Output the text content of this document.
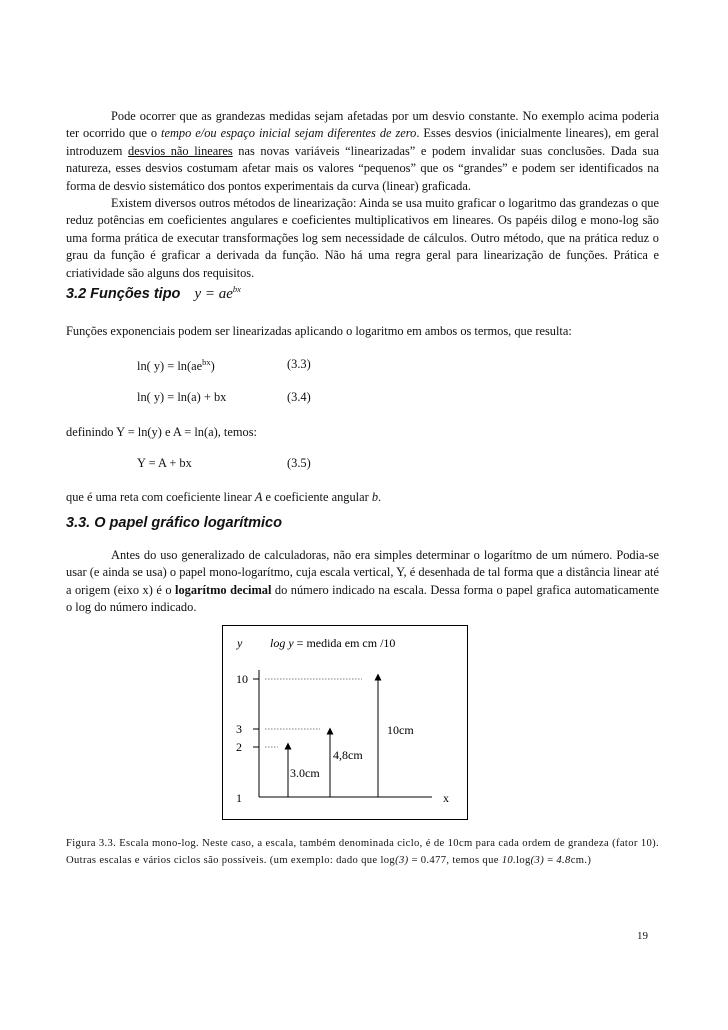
Pode ocorrer que as grandezas medidas sejam afetadas por um desvio constante. No exemplo acima poderia ter ocorrido que o tempo e/ou espaço inicial sejam diferentes de zero. Esses desvios (inicialmente lineares), em geral introduzem desvios não lineares nas novas variáveis “linearizadas” e podem invalidar suas conclusões. Dada sua natureza, esses desvios costumam afetar mais os valores “pequenos” que os “grandes” e podem ser identificados na forma de desvio sistemático dos pontos experimentais da curva (linear) graficada.

Existem diversos outros métodos de linearização: Ainda se usa muito graficar o logaritmo das grandezas o que reduz potências em coeficientes angulares e coeficientes multiplicativos em lineares. Os papéis dilog e mono-log são uma forma prática de executar transformações log sem necessidade de cálculos. Outro método, que na prática reduz o grau da função é graficar a derivada da função. Não há uma regra geral para linearização de funções. Prática e criatividade são alguns dos requisitos.

3.2 Funções tipo $y = ae^{bx}$

Funções exponenciais podem ser linearizadas aplicando o logaritmo em ambos os termos, que resulta:

ln( $y) = \ln(ae^{bx})$	(3.3)
ln( y) = ln(a) + bx	(3.4)

definindo Y = ln(y) e A = ln(a), temos:

Y = A + bx	(3.5)

que é uma reta com coeficiente linear A e coeficiente angular b.

3.3. O papel gráfico logarítmico

Antes do uso generalizado de calculadoras, não era simples determinar o logarítmo de um número. Podia-se usar (e ainda se usa) o papel mono-logarítmo, cuja escala vertical, Y, é desenhada de tal forma que a distância linear até a origem (eixo x) é o logarítmo decimal do número indicado na escala. Dessa forma o papel grafica automaticamente o log do número indicado.

y log y = medida em cm /10
10
3
2
1	x
3.0cm
4,8cm
10cm

Figura 3.3. Escala mono-log. Neste caso, a escala, também denominada ciclo, é de 10cm para cada ordem de grandeza (fator 10). Outras escalas e vários ciclos são possíveis. (um exemplo: dado que log(3) = 0.477, temos que 10.log(3) = 4.8cm.)

19
